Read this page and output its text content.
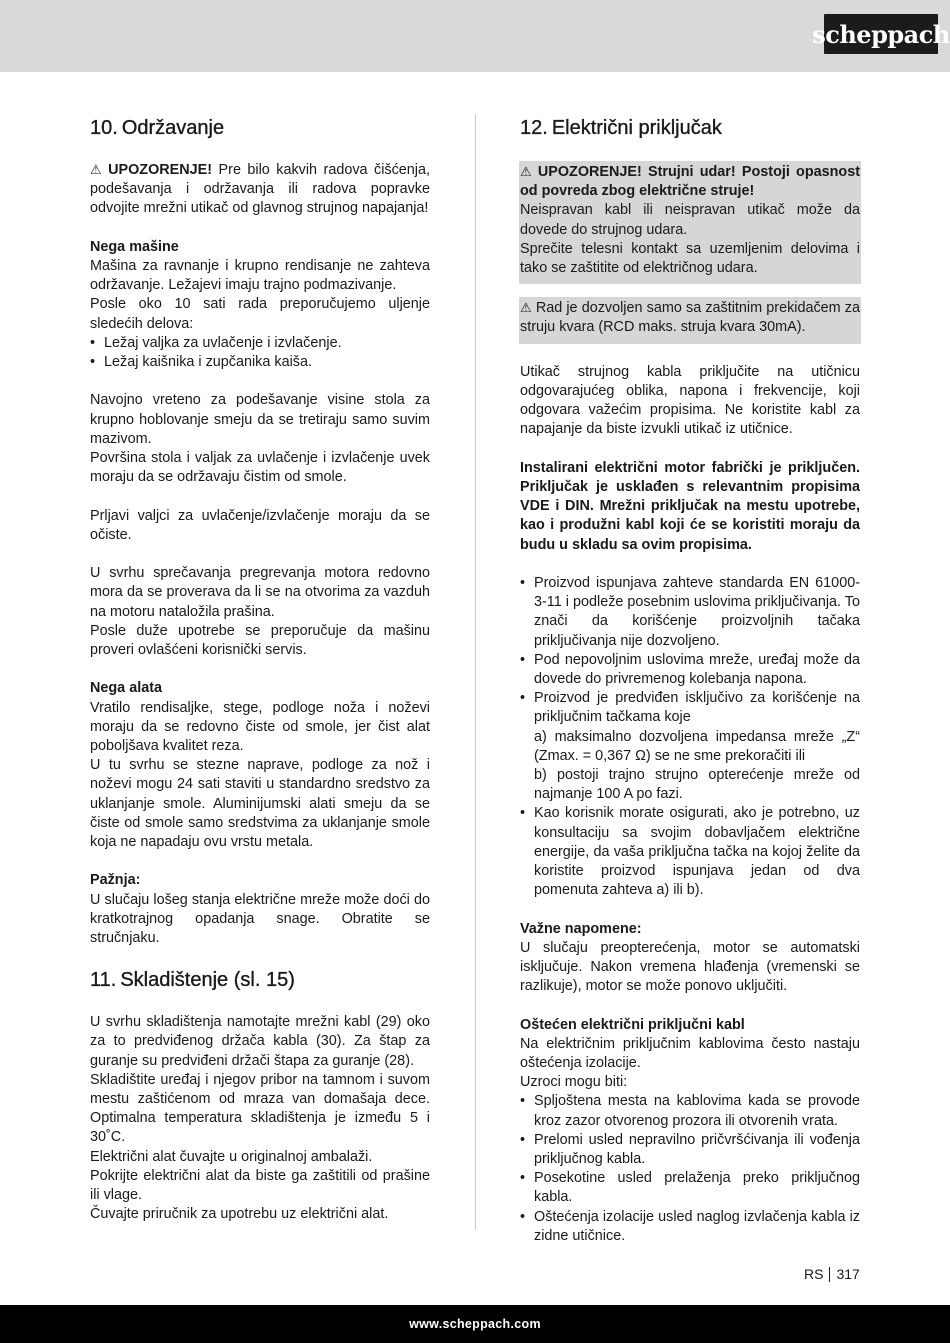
scheppach
10. Održavanje

⚠ UPOZORENJE! Pre bilo kakvih radova čišćenja, podešavanja i održavanja ili radova popravke odvojite mrežni utikač od glavnog strujnog napajanja!

Nega mašine

Mašina za ravnanje i krupno rendisanje ne zahteva održavanje. Ležajevi imaju trajno podmazivanje.

Posle oko 10 sati rada preporučujemo uljenje sledećih delova:

• Ležaj valjka za uvlačenje i izvlačenje.
• Ležaj kaišnika i zupčanika kaiša.

Navojno vreteno za podešavanje visine stola za krupno hoblovanje smeju da se tretiraju samo suvim mazivom.

Površina stola i valjak za uvlačenje i izvlačenje uvek moraju da se održavaju čistim od smole.

Prljavi valjci za uvlačenje/izvlačenje moraju da se očiste.

U svrhu sprečavanja pregrevanja motora redovno mora da se proverava da li se na otvorima za vazduh na motoru nataložila prašina.

Posle duže upotrebe se preporučuje da mašinu proveri ovlašćeni korisnički servis.

Nega alata

Vratilo rendisaljke, stege, podloge noža i noževi moraju da se redovno čiste od smole, jer čist alat poboljšava kvalitet reza.

U tu svrhu se stezne naprave, podloge za nož i noževi mogu 24 sati staviti u standardno sredstvo za uklanjanje smole. Aluminijumski alati smeju da se čiste od smole samo sredstvima za uklanjanje smole koja ne napadaju ovu vrstu metala.

Pažnja:

U slučaju lošeg stanja električne mreže može doći do kratkotrajnog opadanja snage. Obratite se stručnjaku.

11. Skladištenje (sl. 15)

U svrhu skladištenja namotajte mrežni kabl (29) oko za to predviđenog držača kabla (30). Za štap za guranje su predviđeni držači štapa za guranje (28).

Skladištite uređaj i njegov pribor na tamnom i suvom mestu zaštićenom od mraza van domašaja dece. Optimalna temperatura skladištenja je između 5 i 30˚C.

Električni alat čuvajte u originalnoj ambalaži.

Pokrijte električni alat da biste ga zaštitili od prašine ili vlage.

Čuvajte priručnik za upotrebu uz električni alat.

12. Električni priključak

⚠ UPOZORENJE! Strujni udar! Postoji opasnost od povreda zbog električne struje!

Neispravan kabl ili neispravan utikač može da dovede do strujnog udara.

Sprečite telesni kontakt sa uzemljenim delovima i tako se zaštitite od električnog udara.

⚠ Rad je dozvoljen samo sa zaštitnim prekidačem za struju kvara (RCD maks. struja kvara 30mA).

Utikač strujnog kabla priključite na utičnicu odgovarajućeg oblika, napona i frekvencije, koji odgovara važećim propisima. Ne koristite kabl za napajanje da biste izvukli utikač iz utičnice.

Instalirani električni motor fabrički je priključen. Priključak je usklađen s relevantnim propisima VDE i DIN. Mrežni priključak na mestu upotrebe, kao i produžni kabl koji će se koristiti moraju da budu u skladu sa ovim propisima.

• Proizvod ispunjava zahteve standarda EN 61000-3-11 i podleže posebnim uslovima priključivanja. To znači da korišćenje proizvoljnih tačaka priključivanja nije dozvoljeno.
• Pod nepovoljnim uslovima mreže, uređaj može da dovede do privremenog kolebanja napona.
• Proizvod je predviđen isključivo za korišćenje na priključnim tačkama koje
a) maksimalno dozvoljena impedansa mreže „Z“ (Zmax. = 0,367 Ω) se ne sme prekoračiti ili
b) postoji trajno strujno opterećenje mreže od najmanje 100 A po fazi.
• Kao korisnik morate osigurati, ako je potrebno, uz konsultaciju sa svojim dobavljačem električne energije, da vaša priključna tačka na kojoj želite da koristite proizvod ispunjava jedan od dva pomenuta zahteva a) ili b).

Važne napomene:

U slučaju preopterećenja, motor se automatski isključuje. Nakon vremena hlađenja (vremenski se razlikuje), motor se može ponovo uključiti.

Oštećen električni priključni kabl

Na električnim priključnim kablovima često nastaju oštećenja izolacije.

Uzroci mogu biti:

• Spljoštena mesta na kablovima kada se provode kroz zazor otvorenog prozora ili otvorenih vrata.
• Prelomi usled nepravilno pričvršćivanja ili vođenja priključnog kabla.
• Posekotine usled prelaženja preko priključnog kabla.
• Oštećenja izolacije usled naglog izvlačenja kabla iz zidne utičnice.
RS 317
www.scheppach.com
